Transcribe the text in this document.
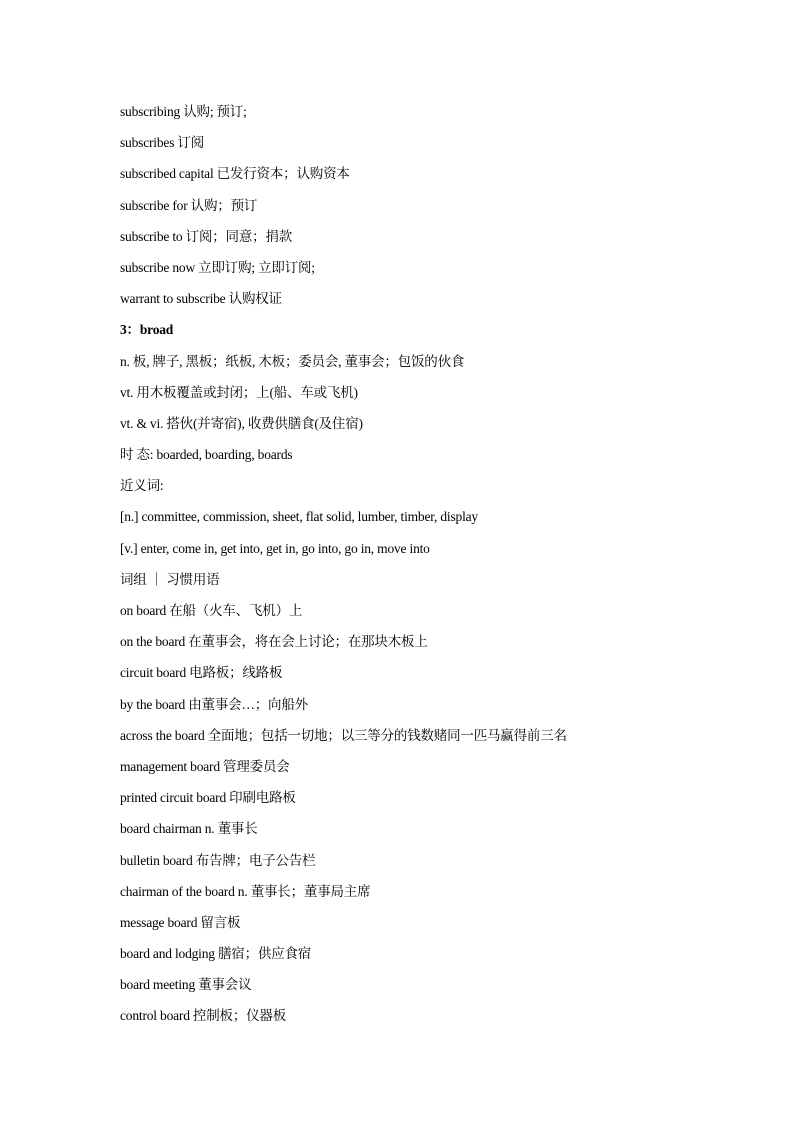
subscribing 认购; 预订;
subscribes 订阅
subscribed capital 已发行资本；认购资本
subscribe for 认购；预订
subscribe to 订阅；同意；捐款
subscribe now 立即订购; 立即订阅;
warrant to subscribe 认购权证
3：broad
n. 板, 牌子, 黑板；纸板, 木板；委员会, 董事会；包饭的伙食
vt. 用木板覆盖或封闭；上(船、车或飞机)
vt. & vi. 搭伙(并寄宿), 收费供膳食(及住宿)
时 态: boarded, boarding, boards
近义词:
[n.] committee, commission, sheet, flat solid, lumber, timber, display
[v.] enter, come in, get into, get in, go into, go in, move into
词组 ｜ 习惯用语
on board 在船（火车、飞机）上
on the board 在董事会，将在会上讨论；在那块木板上
circuit board 电路板；线路板
by the board 由董事会…；向船外
across the board 全面地；包括一切地；以三等分的钱数赌同一匹马赢得前三名
management board 管理委员会
printed circuit board 印刷电路板
board chairman n. 董事长
bulletin board 布告牌；电子公告栏
chairman of the board n. 董事长；董事局主席
message board 留言板
board and lodging 膳宿；供应食宿
board meeting 董事会议
control board 控制板；仪器板
